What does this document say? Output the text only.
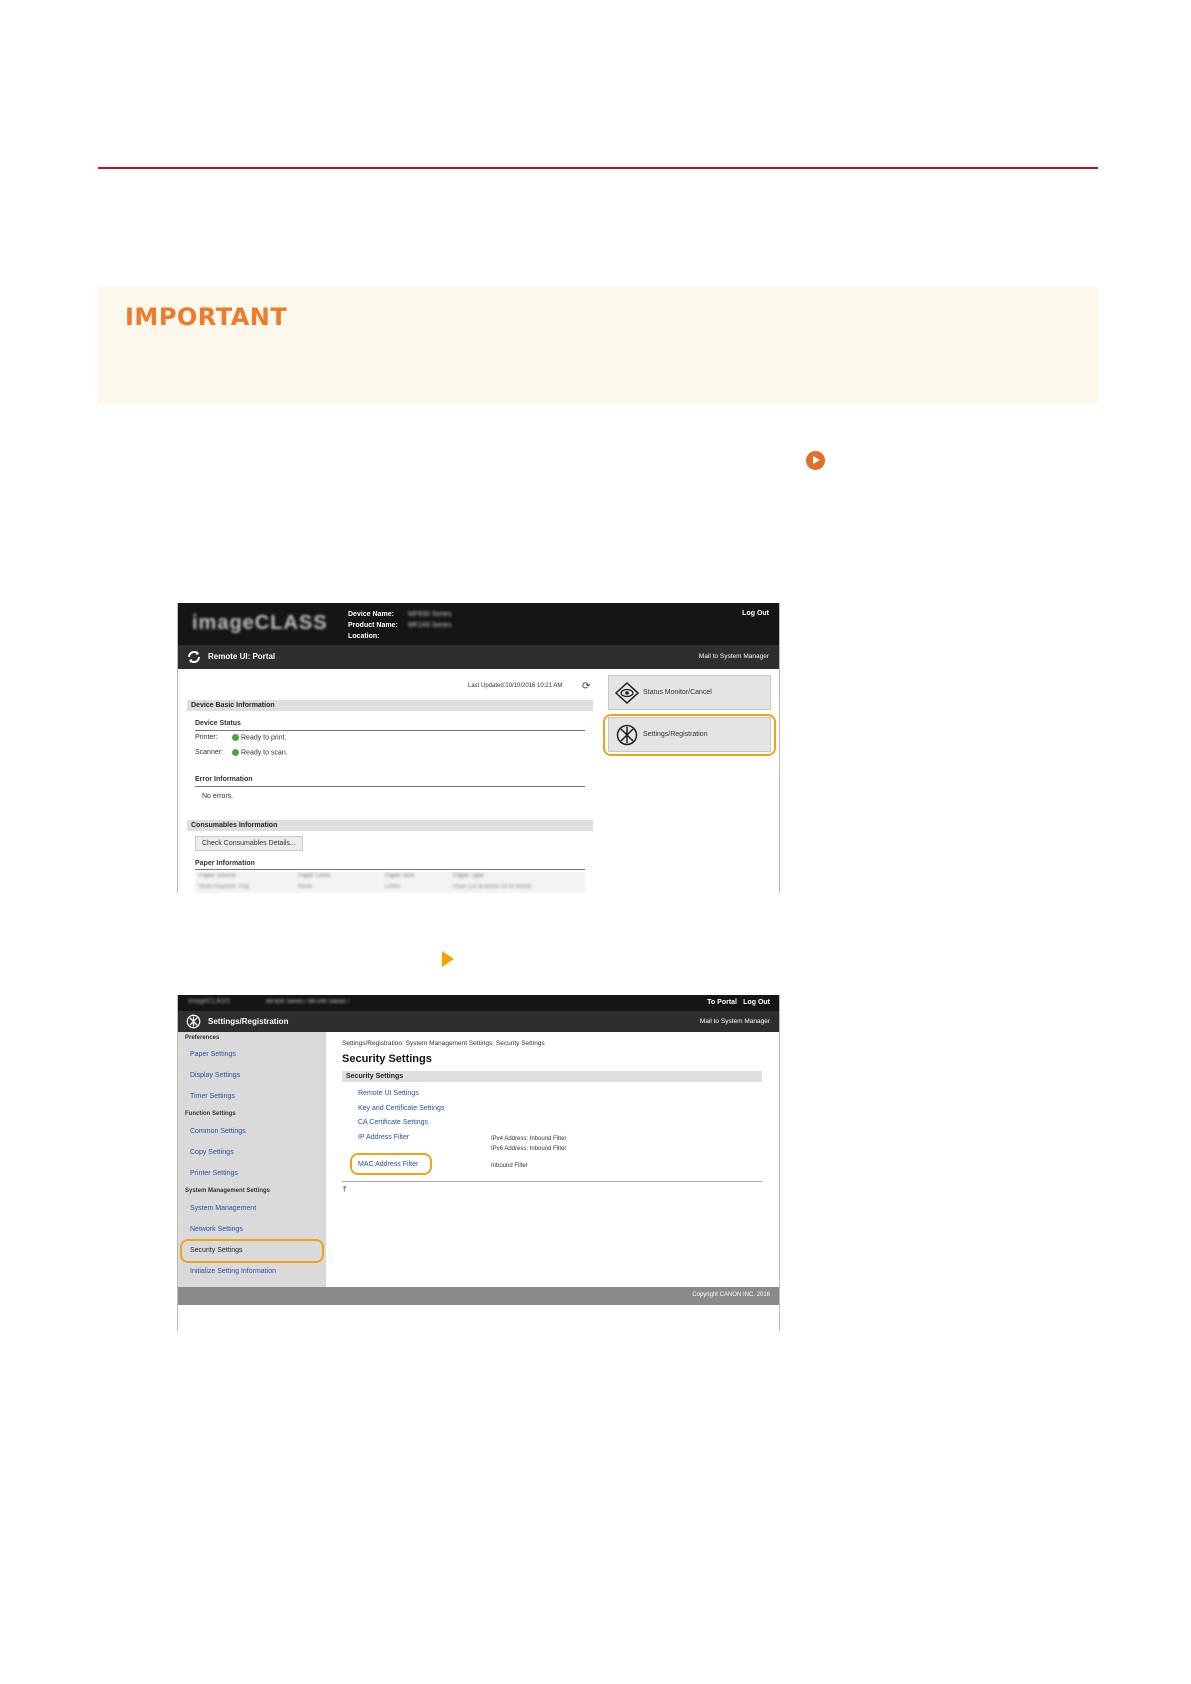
IMPORTANT
imageCLASS	Device Name:
Product Name:
Location:
MF830 Series
MF249 Series
Log Out
Remote UI: Portal	Mail to System Manager
Last Updated:10/10/2016 10:21 AM ⟳
Device Basic Information
Device Status
Printer:	Ready to print.
Scanner:	Ready to scan.
Error Information
No errors.
Consumables Information
Check Consumables Details...
Paper Information
Paper Source	Paper Level	Paper Size	Paper Type
Multi-Purpose Tray	None	Letter	Plain (16 lb Bond-24 lb Bond)
Status Monitor/Cancel
Settings/Registration
imageCLASS	MF830 Series / MF240 Series /	To Portal Log Out
Settings/Registration	Mail to System Manager
Preferences
Paper Settings
Display Settings
Timer Settings
Function Settings
Common Settings
Copy Settings
Printer Settings
System Management Settings
System Management
Network Settings
Security Settings
Initialize Setting Information
Settings/Registration: System Management Settings: Security Settings
Security Settings
Security Settings
Remote UI Settings
Key and Certificate Settings
CA Certificate Settings
IP Address Filter	IPv4 Address: Inbound Filter
IPv6 Address: Inbound Filter
MAC Address Filter	Inbound Filter
⤒
Copyright CANON INC. 2016
